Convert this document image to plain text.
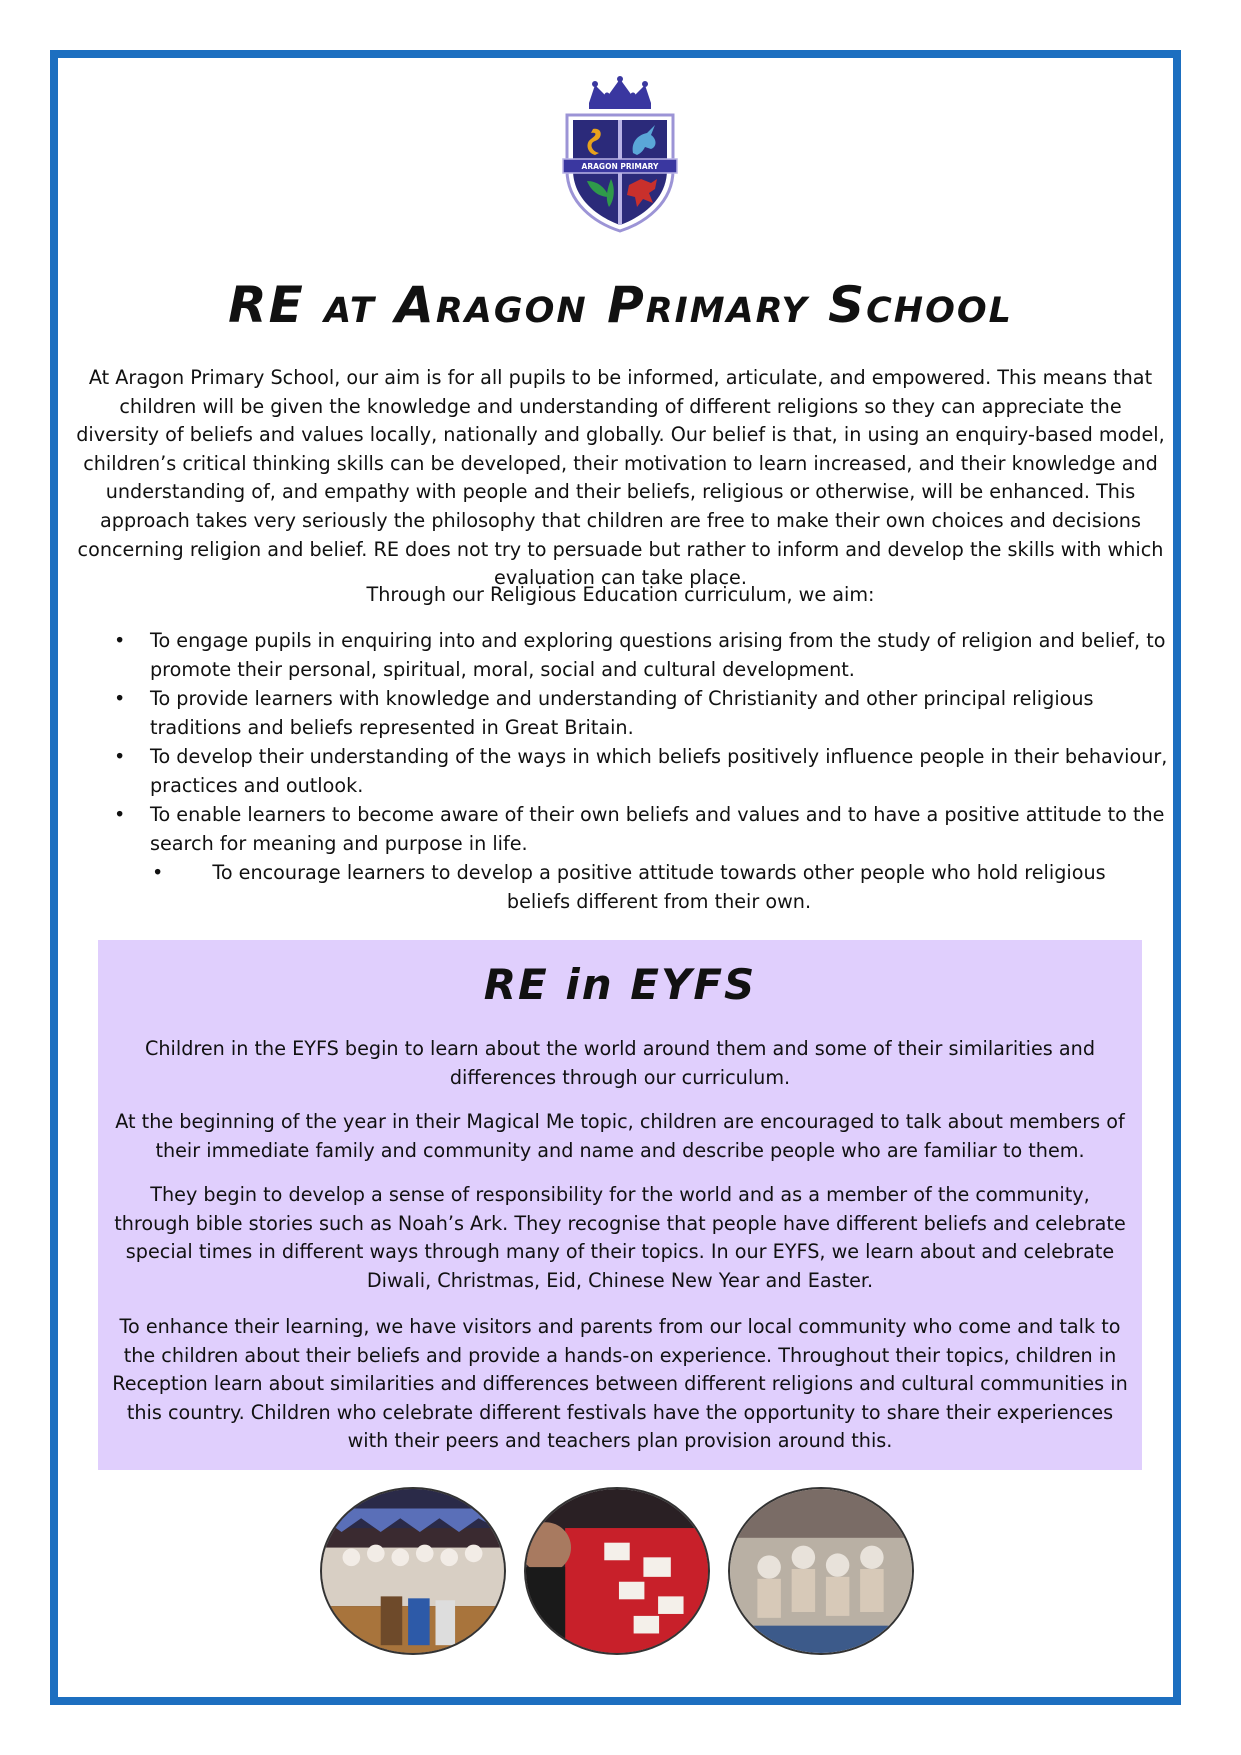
ARAGON PRIMARY
RE at Aragon Primary School

At Aragon Primary School, our aim is for all pupils to be informed, articulate, and empowered. This means that children will be given the knowledge and understanding of different religions so they can appreciate the diversity of beliefs and values locally, nationally and globally. Our belief is that, in using an enquiry-based model, children’s critical thinking skills can be developed, their motivation to learn increased, and their knowledge and understanding of, and empathy with people and their beliefs, religious or otherwise, will be enhanced. This approach takes very seriously the philosophy that children are free to make their own choices and decisions concerning religion and belief. RE does not try to persuade but rather to inform and develop the skills with which evaluation can take place.

Through our Religious Education curriculum, we aim:

• To engage pupils in enquiring into and exploring questions arising from the study of religion and belief, to promote their personal, spiritual, moral, social and cultural development.
• To provide learners with knowledge and understanding of Christianity and other principal religious traditions and beliefs represented in Great Britain.
• To develop their understanding of the ways in which beliefs positively influence people in their behaviour, practices and outlook.
• To enable learners to become aware of their own beliefs and values and to have a positive attitude to the search for meaning and purpose in life.
•	To encourage learners to develop a positive attitude towards other people who hold religious beliefs different from their own.
RE in EYFS

Children in the EYFS begin to learn about the world around them and some of their similarities and differences through our curriculum.

At the beginning of the year in their Magical Me topic, children are encouraged to talk about members of their immediate family and community and name and describe people who are familiar to them.

They begin to develop a sense of responsibility for the world and as a member of the community, through bible stories such as Noah’s Ark. They recognise that people have different beliefs and celebrate special times in different ways through many of their topics. In our EYFS, we learn about and celebrate Diwali, Christmas, Eid, Chinese New Year and Easter.

To enhance their learning, we have visitors and parents from our local community who come and talk to the children about their beliefs and provide a hands-on experience. Throughout their topics, children in Reception learn about similarities and differences between different religions and cultural communities in this country. Children who celebrate different festivals have the opportunity to share their experiences with their peers and teachers plan provision around this.
